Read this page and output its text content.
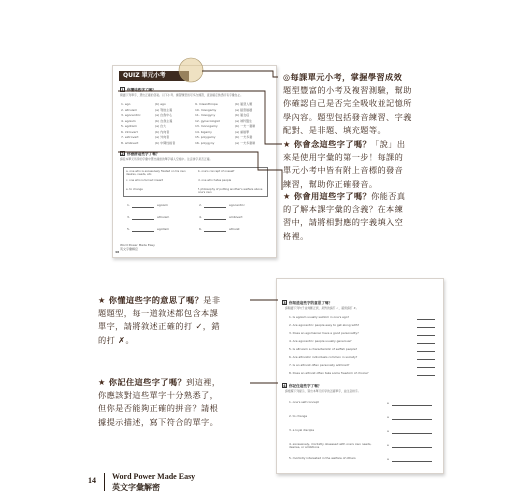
QUIZ 單元小考
1 你懂這些字了嗎？
閱讀下列單字，選出正確的答案。以下小考、練習題型皆可多次練習，直到確定熟悉所有字彙為止。
1. ego	(b) ego	9. misanthrope	(b) 厭惡人類
2. altruism	(a) 利他主義	10. misogamy	(a) 厭惡婚姻
3. egocentric	(a) 自我中心	11. misogyny	(b) 厭女症
4. egoism	(b) 自我主義	12. gynecologist	(a) 婦科醫生
5. egotism	(a) 自大	13. monogamy	(b) 一夫一妻制
6. introvert	(b) 內向者	14. bigamy	(a) 重婚罪
7. extrovert	(a) 外向者	15. polygamy	(b) 一夫多妻
8. ambivert	(b) 中間性格者	16. polygyny	(a) 一夫多妻制
2 你會拼這些字了嗎？
請從本單元所學的字彙中選出適當的單字填入空格中。注意拼字是否正確。
a. one who is excessively fixated on his own desires, needs, etc.
b. one's concept of oneself
c. one who is turned inward	d. one who hates people
e. to change	f. philosophy of putting another's welfare above one's own
1.	egoism	2.	egocentric
3.	altruism	4.	ambivert
5.	egotism	6.	altruist
Word Power Made Easy
英文字彙解密
48
3 你知道這些字的意思了嗎？
請閱讀下列句子並判斷正誤，是對的請打 ✓，錯誤請打 ✗。
1. Is egoism usually seldom in one's ego?
2. Are egocentric people easy to get along with?
3. Does an egomaniac have a good personality?
4. Are egocentric people usually generous?
5. Is altruism a characteristic of selfish people?
6. Are altruistic individuals common in society?
7. Is an altruist often personally admired?
8. Does an altruist often take some freedom of choice?
4 你記住這些字了嗎？
請根據下列提示，寫出本單元所學的正確單字，並注意拼字。
1. one's self-concept	e
2. to change	a
3. a loyal disciple	a
4. excessively, morbidly obsessed with one's own needs, desires, or ambitions
e
5. morbidly interested in the welfare of others	a
◎每課單元小考，掌握學習成效
題型豐富的小考及複習測驗，幫助
你確認自己是否完全吸收並記憶所
學內容。題型包括發音練習、字義
配對、是非題、填充題等。
★ 你會念這些字了嗎？「說」出
來是使用字彙的第一步！每課的
單元小考中皆有附上音標的發音
練習，幫助你正確發音。
★ 你會用這些字了嗎？你能否真
的了解本課字彙的含義？在本練
習中，請將相對應的字義填入空
格裡。
★ 你懂這些字的意思了嗎？是非
題題型，每一道敘述都包含本課
單字，請將敘述正確的打 ✓，錯
的打 ✗。
★ 你記住這些字了嗎？到這裡，
你應該對這些單字十分熟悉了，
但你是否能夠正確的拼音？請根
據提示描述，寫下符合的單字。
14 Word Power Made Easy
英文字彙解密
